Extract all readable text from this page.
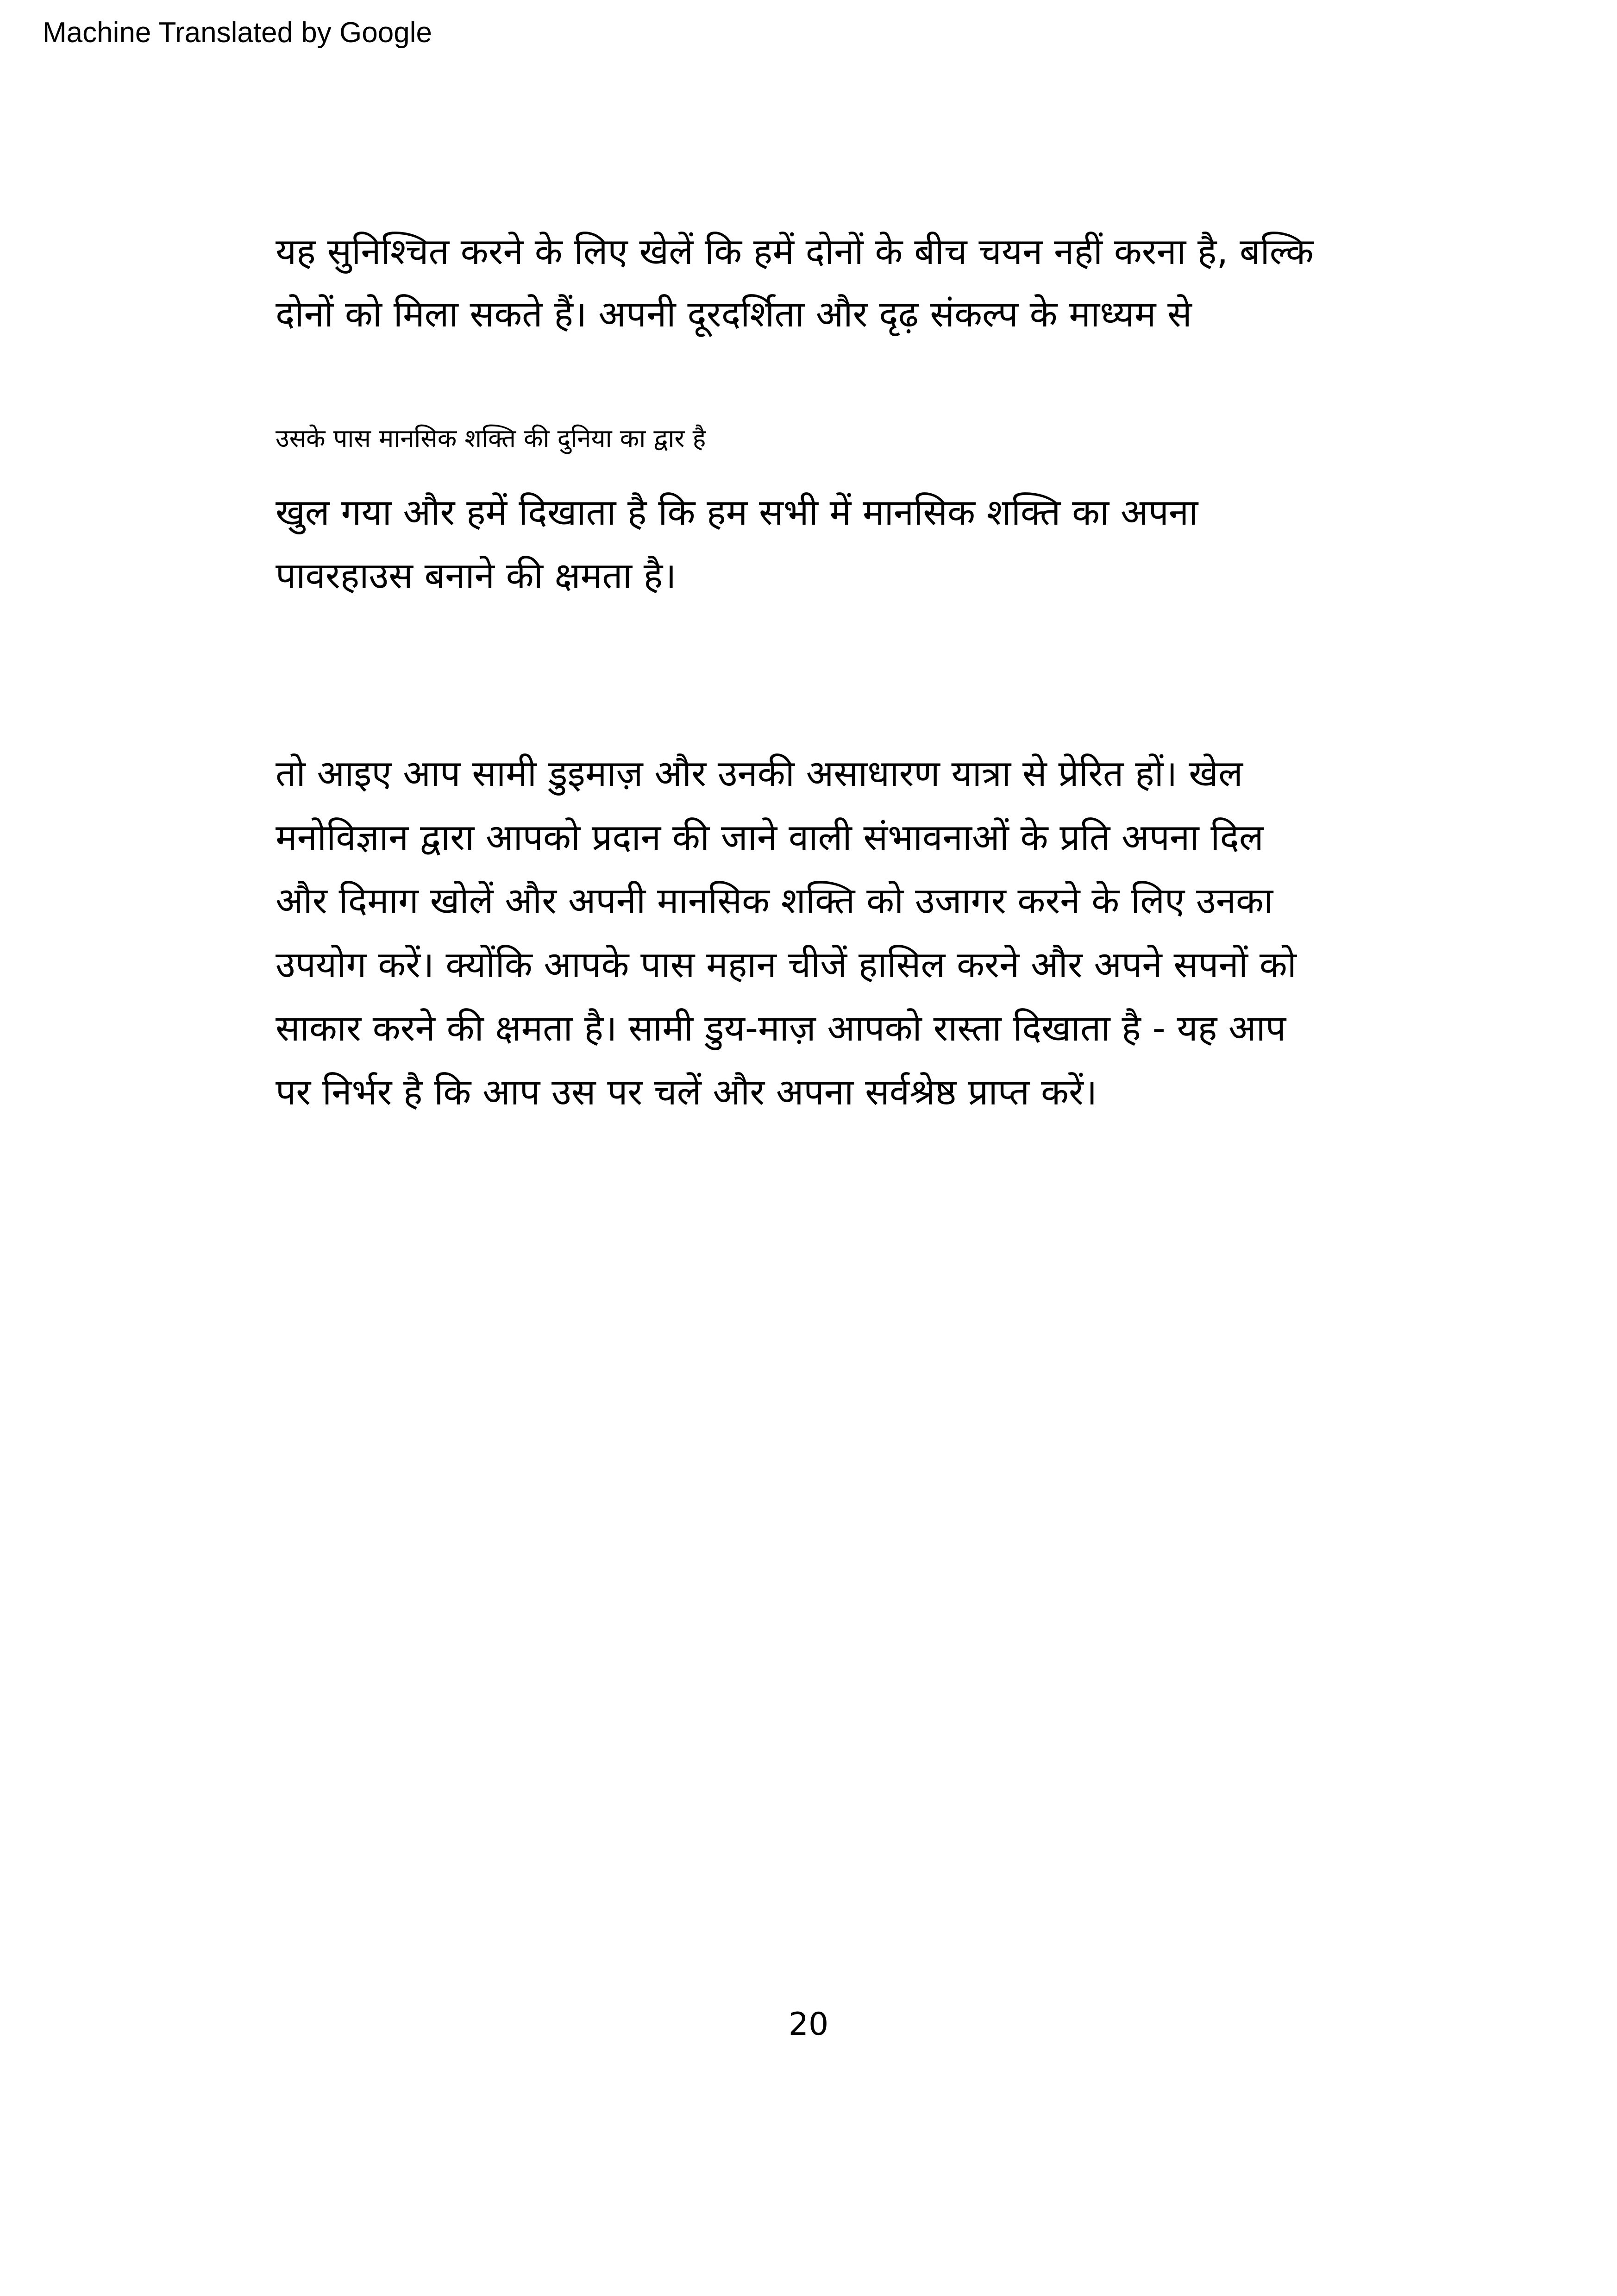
Machine Translated by Google
यह सुनिश्चित करने के लिए खेलें कि हमें दोनों के बीच चयन नहीं करना है, बल्कि
दोनों को मिला सकते हैं। अपनी दूरदर्शिता और दृढ़ संकल्प के माध्यम से
उसके पास मानसिक शक्ति की दुनिया का द्वार है
खुल गया और हमें दिखाता है कि हम सभी में मानसिक शक्ति का अपना
पावरहाउस बनाने की क्षमता है।
तो आइए आप सामी डुइमाज़ और उनकी असाधारण यात्रा से प्रेरित हों। खेल
मनोविज्ञान द्वारा आपको प्रदान की जाने वाली संभावनाओं के प्रति अपना दिल
और दिमाग खोलें और अपनी मानसिक शक्ति को उजागर करने के लिए उनका
उपयोग करें। क्योंकि आपके पास महान चीजें हासिल करने और अपने सपनों को
साकार करने की क्षमता है। सामी डुय-माज़ आपको रास्ता दिखाता है - यह आप
पर निर्भर है कि आप उस पर चलें और अपना सर्वश्रेष्ठ प्राप्त करें।
20
